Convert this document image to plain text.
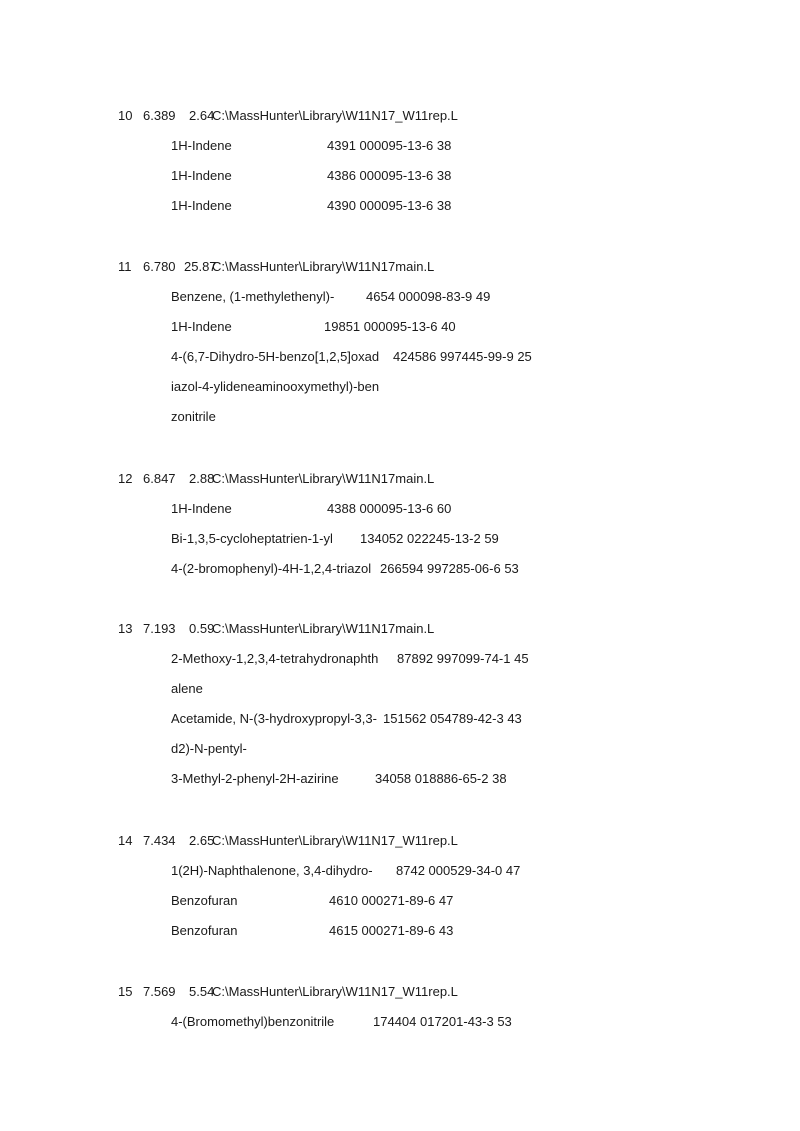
10 6.389 2.64
C:\MassHunter\Library\W11N17_W11rep.L
1H-Indene	4391 000095-13-6 38
1H-Indene	4386 000095-13-6 38
1H-Indene	4390 000095-13-6 38
11 6.780 25.87
C:\MassHunter\Library\W11N17main.L
Benzene, (1-methylethenyl)- 4654 000098-83-9 49
1H-Indene	19851 000095-13-6 40
4-(6,7-Dihydro-5H-benzo[1,2,5]oxad 424586 997445-99-9 25
iazol-4-ylideneaminooxymethyl)-ben
zonitrile
12 6.847 2.88
C:\MassHunter\Library\W11N17main.L
1H-Indene	4388 000095-13-6 60
Bi-1,3,5-cycloheptatrien-1-yl 134052 022245-13-2 59
4-(2-bromophenyl)-4H-1,2,4-triazol 266594 997285-06-6 53
13 7.193 0.59
C:\MassHunter\Library\W11N17main.L
2-Methoxy-1,2,3,4-tetrahydronaphth 87892 997099-74-1 45
alene
Acetamide, N-(3-hydroxypropyl-3,3- 151562 054789-42-3 43
d2)-N-pentyl-
3-Methyl-2-phenyl-2H-azirine	34058 018886-65-2 38
14 7.434 2.65
C:\MassHunter\Library\W11N17_W11rep.L
1(2H)-Naphthalenone, 3,4-dihydro- 8742 000529-34-0 47
Benzofuran	4610 000271-89-6 47
Benzofuran	4615 000271-89-6 43
15 7.569 5.54
C:\MassHunter\Library\W11N17_W11rep.L
4-(Bromomethyl)benzonitrile	174404 017201-43-3 53
